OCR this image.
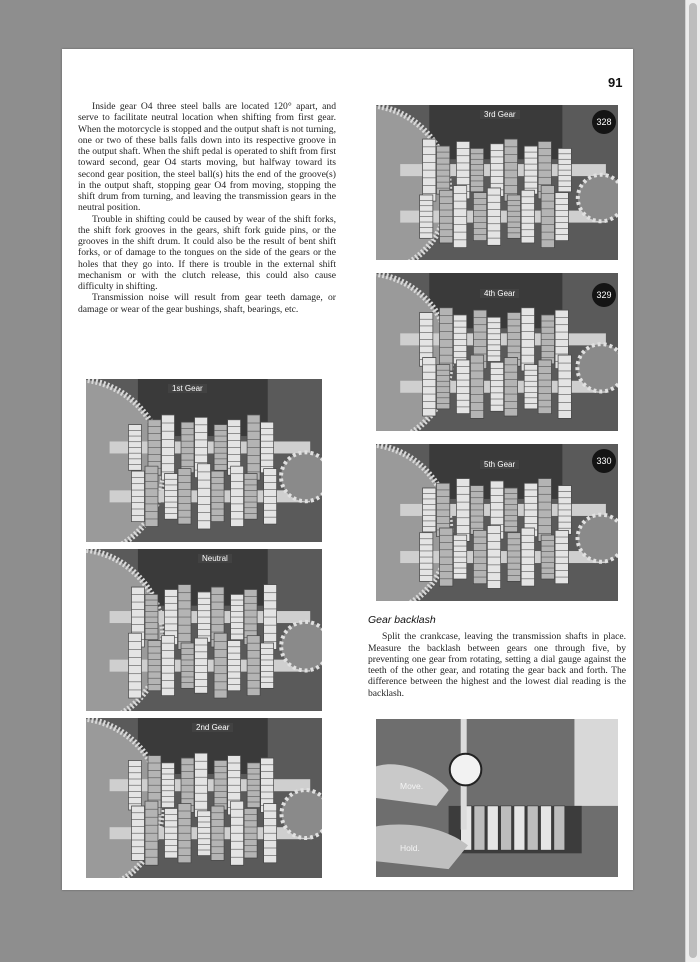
91

Inside gear O4 three steel balls are located 120° apart, and serve to facilitate neutral location when shifting from first gear. When the motorcycle is stopped and the output shaft is not turning, one or two of these balls falls down into its respective groove in the output shaft. When the shift pedal is operated to shift from first toward second, gear O4 starts moving, but halfway toward its second gear position, the steel ball(s) hits the end of the groove(s) in the output shaft, stopping gear O4 from moving, stopping the shift drum from turning, and leaving the transmission gears in the neutral position.

Trouble in shifting could be caused by wear of the shift forks, the shift fork grooves in the gears, shift fork guide pins, or the grooves in the shift drum. It could also be the result of bent shift forks, or of damage to the tongues on the side of the gears or the holes that they go into. If there is trouble in the external shift mechanism or with the clutch release, this could also cause difficulty in shifting.

Transmission noise will result from gear teeth damage, or damage or wear of the gear bushings, shaft, bearings, etc.

1st Gear
Neutral
2nd Gear
3rd Gear
328
4th Gear	329
5th Gear	330
Gear backlash

Split the crankcase, leaving the transmission shafts in place. Measure the backlash between gears one through five, by preventing one gear from rotating, setting a dial gauge against the teeth of the other gear, and rotating the gear back and forth. The difference between the highest and the lowest dial reading is the backlash.

Move.
Hold.
